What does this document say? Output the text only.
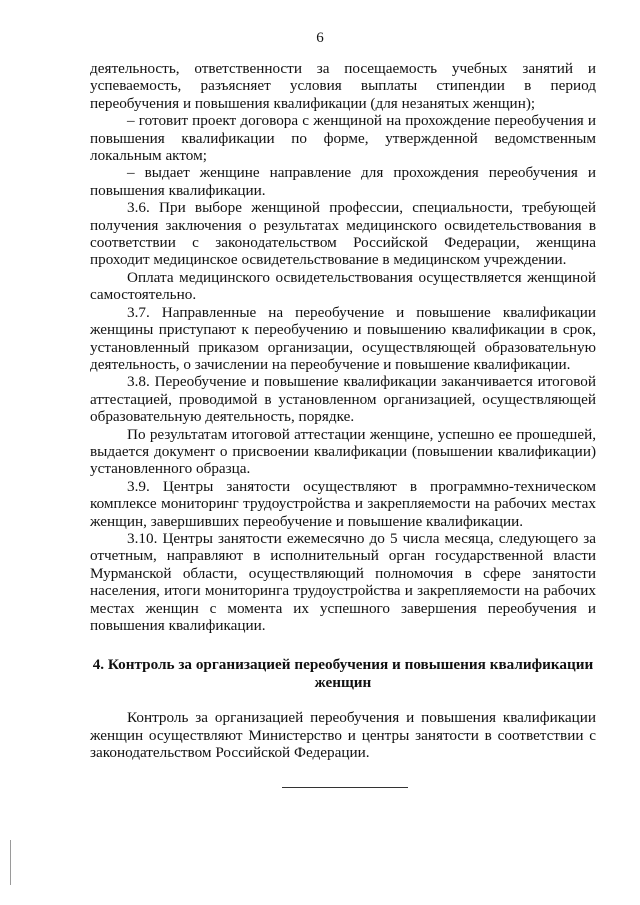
6

деятельность, ответственности за посещаемость учебных занятий и успеваемость, разъясняет условия выплаты стипендии в период переобучения и повышения квалификации (для незанятых женщин);

– готовит проект договора с женщиной на прохождение переобучения и повышения квалификации по форме, утвержденной ведомственным локальным актом;

– выдает женщине направление для прохождения переобучения и повышения квалификации.

3.6. При выборе женщиной профессии, специальности, требующей получения заключения о результатах медицинского освидетельствования в соответствии с законодательством Российской Федерации, женщина проходит медицинское освидетельствование в медицинском учреждении.

Оплата медицинского освидетельствования осуществляется женщиной самостоятельно.

3.7. Направленные на переобучение и повышение квалификации женщины приступают к переобучению и повышению квалификации в срок, установленный приказом организации, осуществляющей образовательную деятельность, о зачислении на переобучение и повышение квалификации.

3.8. Переобучение и повышение квалификации заканчивается итоговой аттестацией, проводимой в установленном организацией, осуществляющей образовательную деятельность, порядке.

По результатам итоговой аттестации женщине, успешно ее прошедшей, выдается документ о присвоении квалификации (повышении квалификации) установленного образца.

3.9. Центры занятости осуществляют в программно-техническом комплексе мониторинг трудоустройства и закрепляемости на рабочих местах женщин, завершивших переобучение и повышение квалификации.

3.10. Центры занятости ежемесячно до 5 числа месяца, следующего за отчетным, направляют в исполнительный орган государственной власти Мурманской области, осуществляющий полномочия в сфере занятости населения, итоги мониторинга трудоустройства и закрепляемости на рабочих местах женщин с момента их успешного завершения переобучения и повышения квалификации.

4. Контроль за организацией переобучения и повышения квалификации женщин

Контроль за организацией переобучения и повышения квалификации женщин осуществляют Министерство и центры занятости в соответствии с законодательством Российской Федерации.
